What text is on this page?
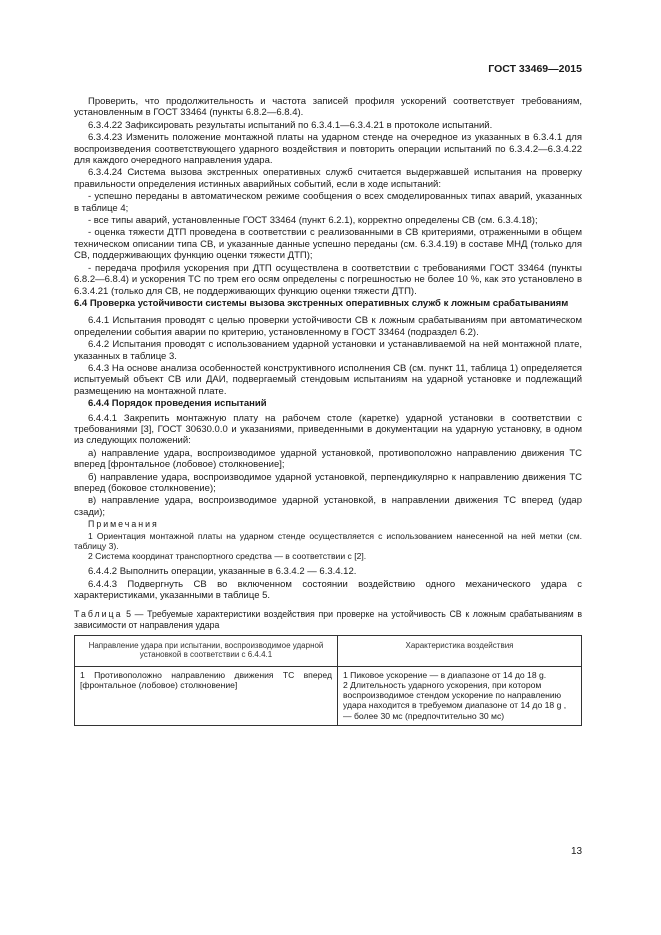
ГОСТ 33469—2015

Проверить, что продолжительность и частота записей профиля ускорений соответствует требованиям, установленным в ГОСТ 33464 (пункты 6.8.2—6.8.4).

6.3.4.22 Зафиксировать результаты испытаний по 6.3.4.1—6.3.4.21 в протоколе испытаний.

6.3.4.23 Изменить положение монтажной платы на ударном стенде на очередное из указанных в 6.3.4.1 для воспроизведения соответствующего ударного воздействия и повторить операции испытаний по 6.3.4.2—6.3.4.22 для каждого очередного направления удара.

6.3.4.24 Система вызова экстренных оперативных служб считается выдержавшей испытания на проверку правильности определения истинных аварийных событий, если в ходе испытаний:

- успешно переданы в автоматическом режиме сообщения о всех смоделированных типах аварий, указанных в таблице 4;

- все типы аварий, установленные ГОСТ 33464 (пункт 6.2.1), корректно определены СВ (см. 6.3.4.18);

- оценка тяжести ДТП проведена в соответствии с реализованными в СВ критериями, отраженными в общем техническом описании типа СВ, и указанные данные успешно переданы (см. 6.3.4.19) в составе МНД (только для СВ, поддерживающих функцию оценки тяжести ДТП);

- передача профиля ускорения при ДТП осуществлена в соответствии с требованиями ГОСТ 33464 (пункты 6.8.2—6.8.4) и ускорения ТС по трем его осям определены с погрешностью не более 10 %, как это установлено в 6.3.4.21 (только для СВ, не поддерживающих функцию оценки тяжести ДТП).

6.4 Проверка устойчивости системы вызова экстренных оперативных служб к ложным срабатываниям

6.4.1 Испытания проводят с целью проверки устойчивости СВ к ложным срабатываниям при автоматическом определении события аварии по критерию, установленному в ГОСТ 33464 (подраздел 6.2).

6.4.2 Испытания проводят с использованием ударной установки и устанавливаемой на ней монтажной плате, указанных в таблице 3.

6.4.3 На основе анализа особенностей конструктивного исполнения СВ (см. пункт 11, таблица 1) определяется испытуемый объект СВ или ДАИ, подвергаемый стендовым испытаниям на ударной установке и подлежащий размещению на монтажной плате.

6.4.4 Порядок проведения испытаний

6.4.4.1 Закрепить монтажную плату на рабочем столе (каретке) ударной установки в соответствии с требованиями [3], ГОСТ 30630.0.0 и указаниями, приведенными в документации на ударную установку, в одном из следующих положений:

а) направление удара, воспроизводимое ударной установкой, противоположно направлению движения ТС вперед [фронтальное (лобовое) столкновение];

б) направление удара, воспроизводимое ударной установкой, перпендикулярно к направлению движения ТС вперед (боковое столкновение);

в) направление удара, воспроизводимое ударной установкой, в направлении движения ТС вперед (удар сзади);

Примечания

1 Ориентация монтажной платы на ударном стенде осуществляется с использованием нанесенной на ней метки (см. таблицу 3).

2 Система координат транспортного средства — в соответствии с [2].

6.4.4.2 Выполнить операции, указанные в 6.3.4.2 — 6.3.4.12.

6.4.4.3 Подвергнуть СВ во включенном состоянии воздействию одного механического удара с характеристиками, указанными в таблице 5.

Таблица 5 — Требуемые характеристики воздействия при проверке на устойчивость СВ к ложным срабатываниям в зависимости от направления удара
Направление удара при испытании, воспроизводимое ударной установкой в соответствии с 6.4.4.1	Характеристика воздействия
1 Противоположно направлению движения ТС вперед [фронтальное (лобовое) столкновение]	1 Пиковое ускорение — в диапазоне от 14 до 18 g.
2 Длительность ударного ускорения, при котором воспроизводимое стендом ускорение по направлению удара находится в требуемом диапазоне от 14 до 18 g , — более 30 мс (предпочтительно 30 мс)
13
